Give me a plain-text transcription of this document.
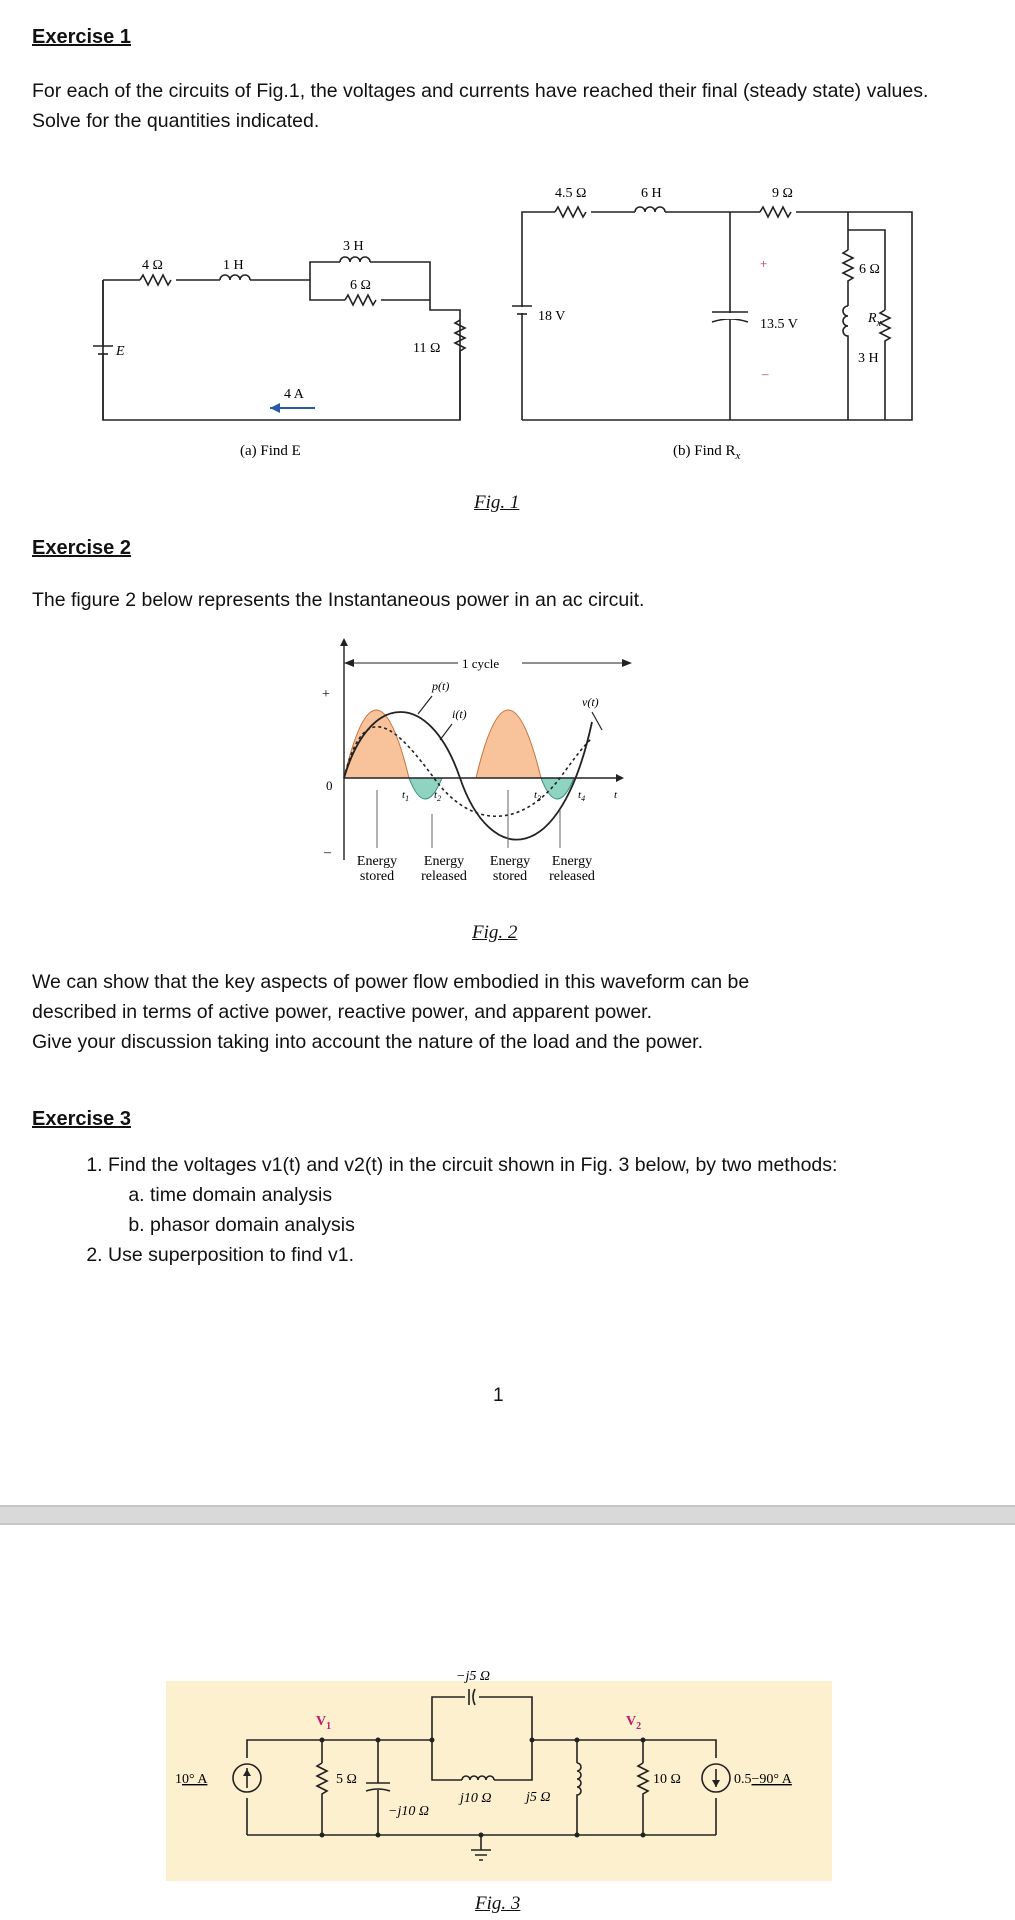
Exercise 1

For each of the circuits of Fig.1, the voltages and currents have reached their final (steady state) values. Solve for the quantities indicated.

4 Ω	1 H
3 H
6 Ω
11 Ω
E
4 A
(a) Find E
4.5 Ω	6 H	9 Ω
18 V
+
13.5 V
–
6 Ω
$R_x$
3 H
(b) Find $R_x$
Fig. 1
Exercise 2

The figure 2 below represents the Instantaneous power in an ac circuit.

1 cycle
p(t)
i(t)
v(t)
+
0
–
$t_1$ $t_2$	$t_3$	$t_4$	t
Energy stored
Energy released
Energy stored
Energy released
Fig. 2

We can show that the key aspects of power flow embodied in this waveform can be
described in terms of active power, reactive power, and apparent power.
Give your discussion taking into account the nature of the load and the power.

Exercise 3
1. Find the voltages v1(t) and v2(t) in the circuit shown in Fig. 3 below, by two methods:
a. time domain analysis
b. phasor domain analysis
2. Use superposition to find v1.
1
10° A
$V_1$
5 Ω
−j10 Ω
−j5 Ω
j10 Ω j5 Ω
$V_2$
10 Ω	0.5−90° A
Fig. 3
